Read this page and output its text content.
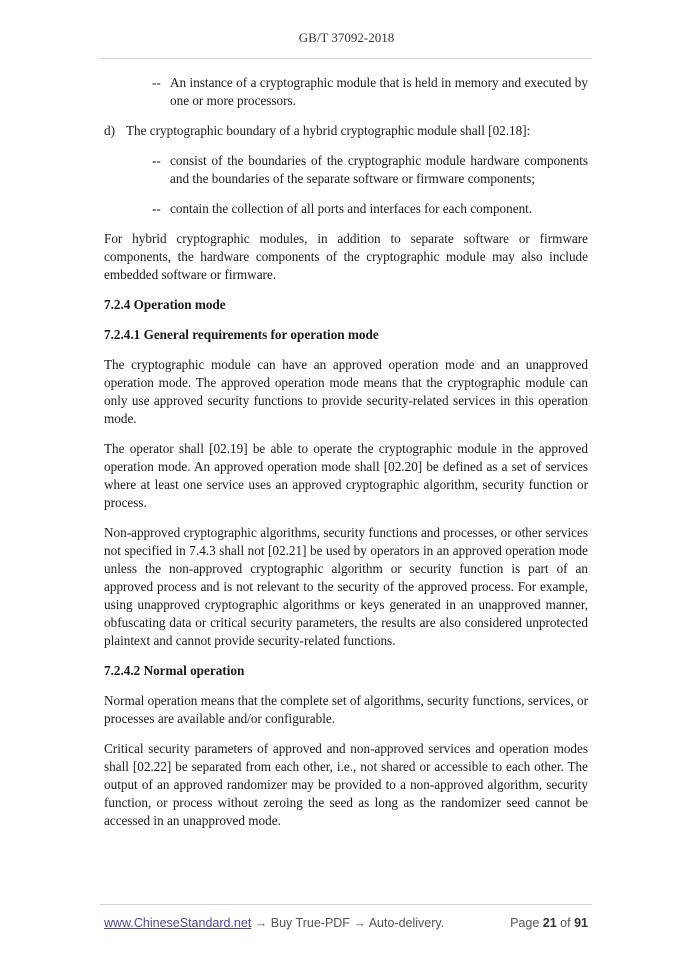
GB/T 37092-2018
-- An instance of a cryptographic module that is held in memory and executed by one or more processors.

d) The cryptographic boundary of a hybrid cryptographic module shall [02.18]:

-- consist of the boundaries of the cryptographic module hardware components and the boundaries of the separate software or firmware components;

-- contain the collection of all ports and interfaces for each component.

For hybrid cryptographic modules, in addition to separate software or firmware components, the hardware components of the cryptographic module may also include embedded software or firmware.

7.2.4 Operation mode

7.2.4.1 General requirements for operation mode

The cryptographic module can have an approved operation mode and an unapproved operation mode. The approved operation mode means that the cryptographic module can only use approved security functions to provide security-related services in this operation mode.

The operator shall [02.19] be able to operate the cryptographic module in the approved operation mode. An approved operation mode shall [02.20] be defined as a set of services where at least one service uses an approved cryptographic algorithm, security function or process.

Non-approved cryptographic algorithms, security functions and processes, or other services not specified in 7.4.3 shall not [02.21] be used by operators in an approved operation mode unless the non-approved cryptographic algorithm or security function is part of an approved process and is not relevant to the security of the approved process. For example, using unapproved cryptographic algorithms or keys generated in an unapproved manner, obfuscating data or critical security parameters, the results are also considered unprotected plaintext and cannot provide security-related functions.

7.2.4.2 Normal operation

Normal operation means that the complete set of algorithms, security functions, services, or processes are available and/or configurable.

Critical security parameters of approved and non-approved services and operation modes shall [02.22] be separated from each other, i.e., not shared or accessible to each other. The output of an approved randomizer may be provided to a non-approved algorithm, security function, or process without zeroing the seed as long as the randomizer seed cannot be accessed in an unapproved mode.

www.ChineseStandard.net → Buy True-PDF → Auto-delivery.	Page 21 of 91
